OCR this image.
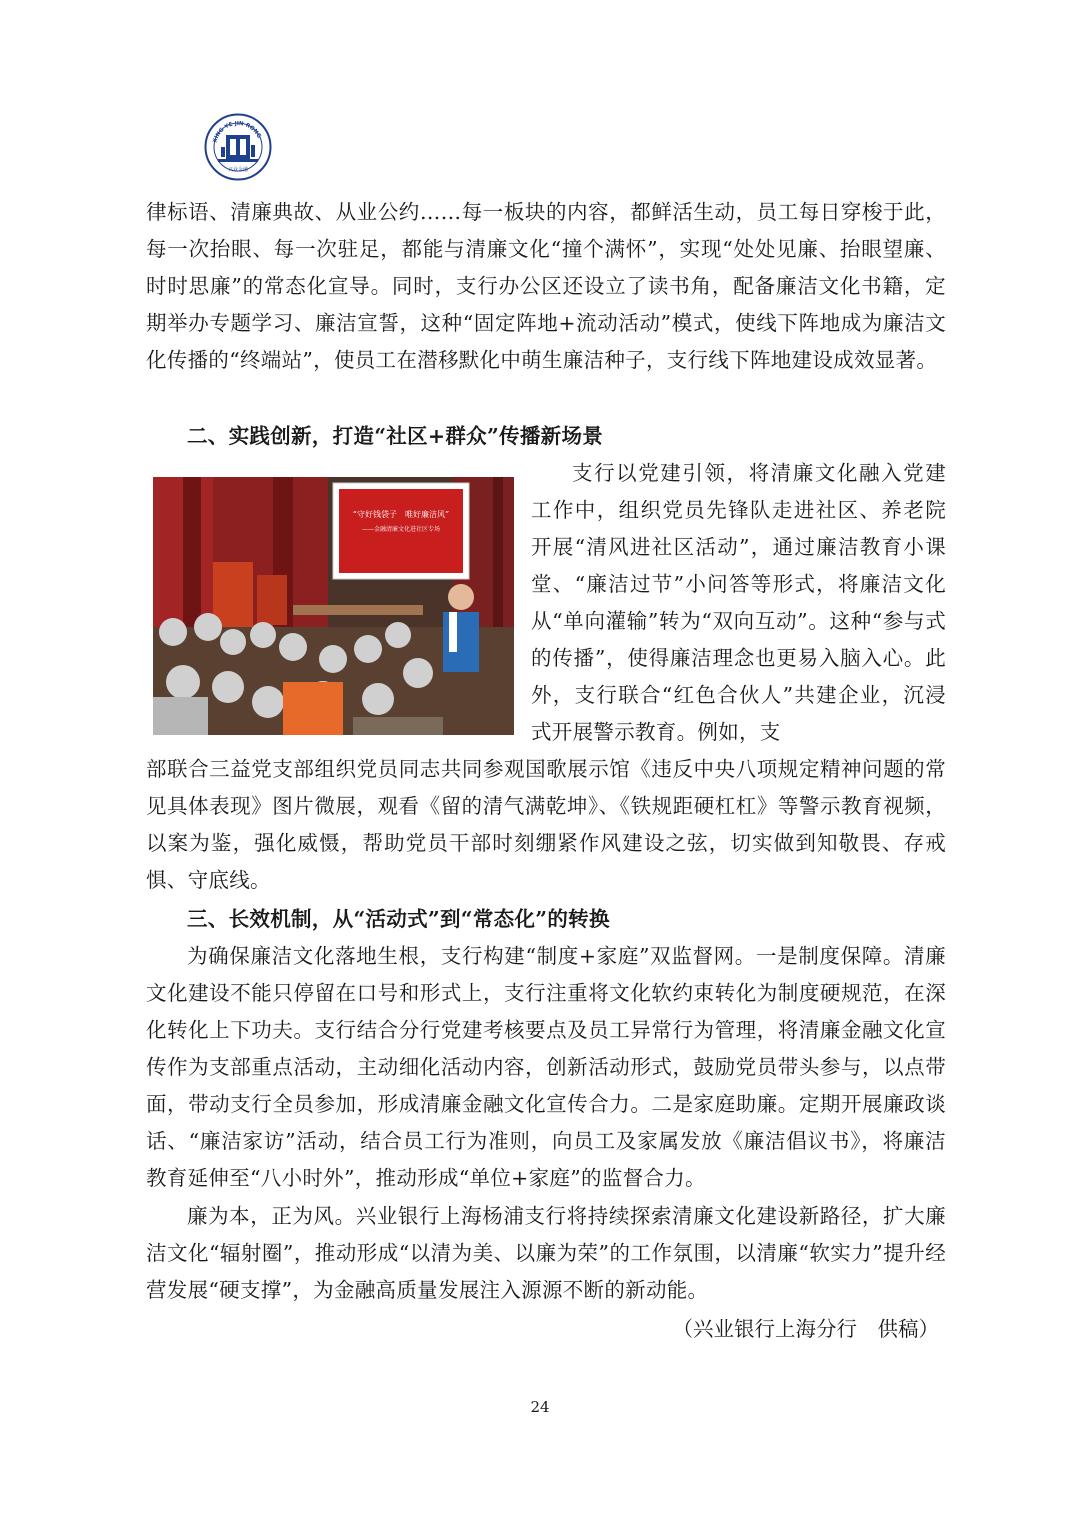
XING YE JIN RONG
兴业金融

律标语、清廉典故、从业公约……每一板块的内容，都鲜活生动，员工每日穿梭于此，每一次抬眼、每一次驻足，都能与清廉文化“撞个满怀”，实现“处处见廉、抬眼望廉、时时思廉”的常态化宣导。同时，支行办公区还设立了读书角，配备廉洁文化书籍，定期举办专题学习、廉洁宣誓，这种“固定阵地+流动活动”模式，使线下阵地成为廉洁文化传播的“终端站”，使员工在潜移默化中萌生廉洁种子，支行线下阵地建设成效显著。

二、实践创新，打造“社区+群众”传播新场景

“守好钱袋子　唯好廉洁风”
——金融清廉文化进社区专场

支行以党建引领，将清廉文化融入党建工作中，组织党员先锋队走进社区、养老院开展“清风进社区活动”，通过廉洁教育小课堂、“廉洁过节”小问答等形式，将廉洁文化从“单向灌输”转为“双向互动”。这种“参与式的传播”，使得廉洁理念也更易入脑入心。此外，支行联合“红色合伙人”共建企业，沉浸式开展警示教育。例如，支

部联合三益党支部组织党员同志共同参观国歌展示馆《违反中央八项规定精神问题的常见具体表现》图片微展，观看《留的清气满乾坤》、《铁规距硬杠杠》等警示教育视频，以案为鉴，强化威慑，帮助党员干部时刻绷紧作风建设之弦，切实做到知敬畏、存戒惧、守底线。

三、长效机制，从“活动式”到“常态化”的转换

为确保廉洁文化落地生根，支行构建“制度+家庭”双监督网。一是制度保障。清廉文化建设不能只停留在口号和形式上，支行注重将文化软约束转化为制度硬规范，在深化转化上下功夫。支行结合分行党建考核要点及员工异常行为管理，将清廉金融文化宣传作为支部重点活动，主动细化活动内容，创新活动形式，鼓励党员带头参与，以点带面，带动支行全员参加，形成清廉金融文化宣传合力。二是家庭助廉。定期开展廉政谈话、“廉洁家访”活动，结合员工行为准则，向员工及家属发放《廉洁倡议书》，将廉洁教育延伸至“八小时外”，推动形成“单位+家庭”的监督合力。

廉为本，正为风。兴业银行上海杨浦支行将持续探索清廉文化建设新路径，扩大廉洁文化“辐射圈”，推动形成“以清为美、以廉为荣”的工作氛围，以清廉“软实力”提升经营发展“硬支撑”，为金融高质量发展注入源源不断的新动能。

（兴业银行上海分行　供稿）

24
